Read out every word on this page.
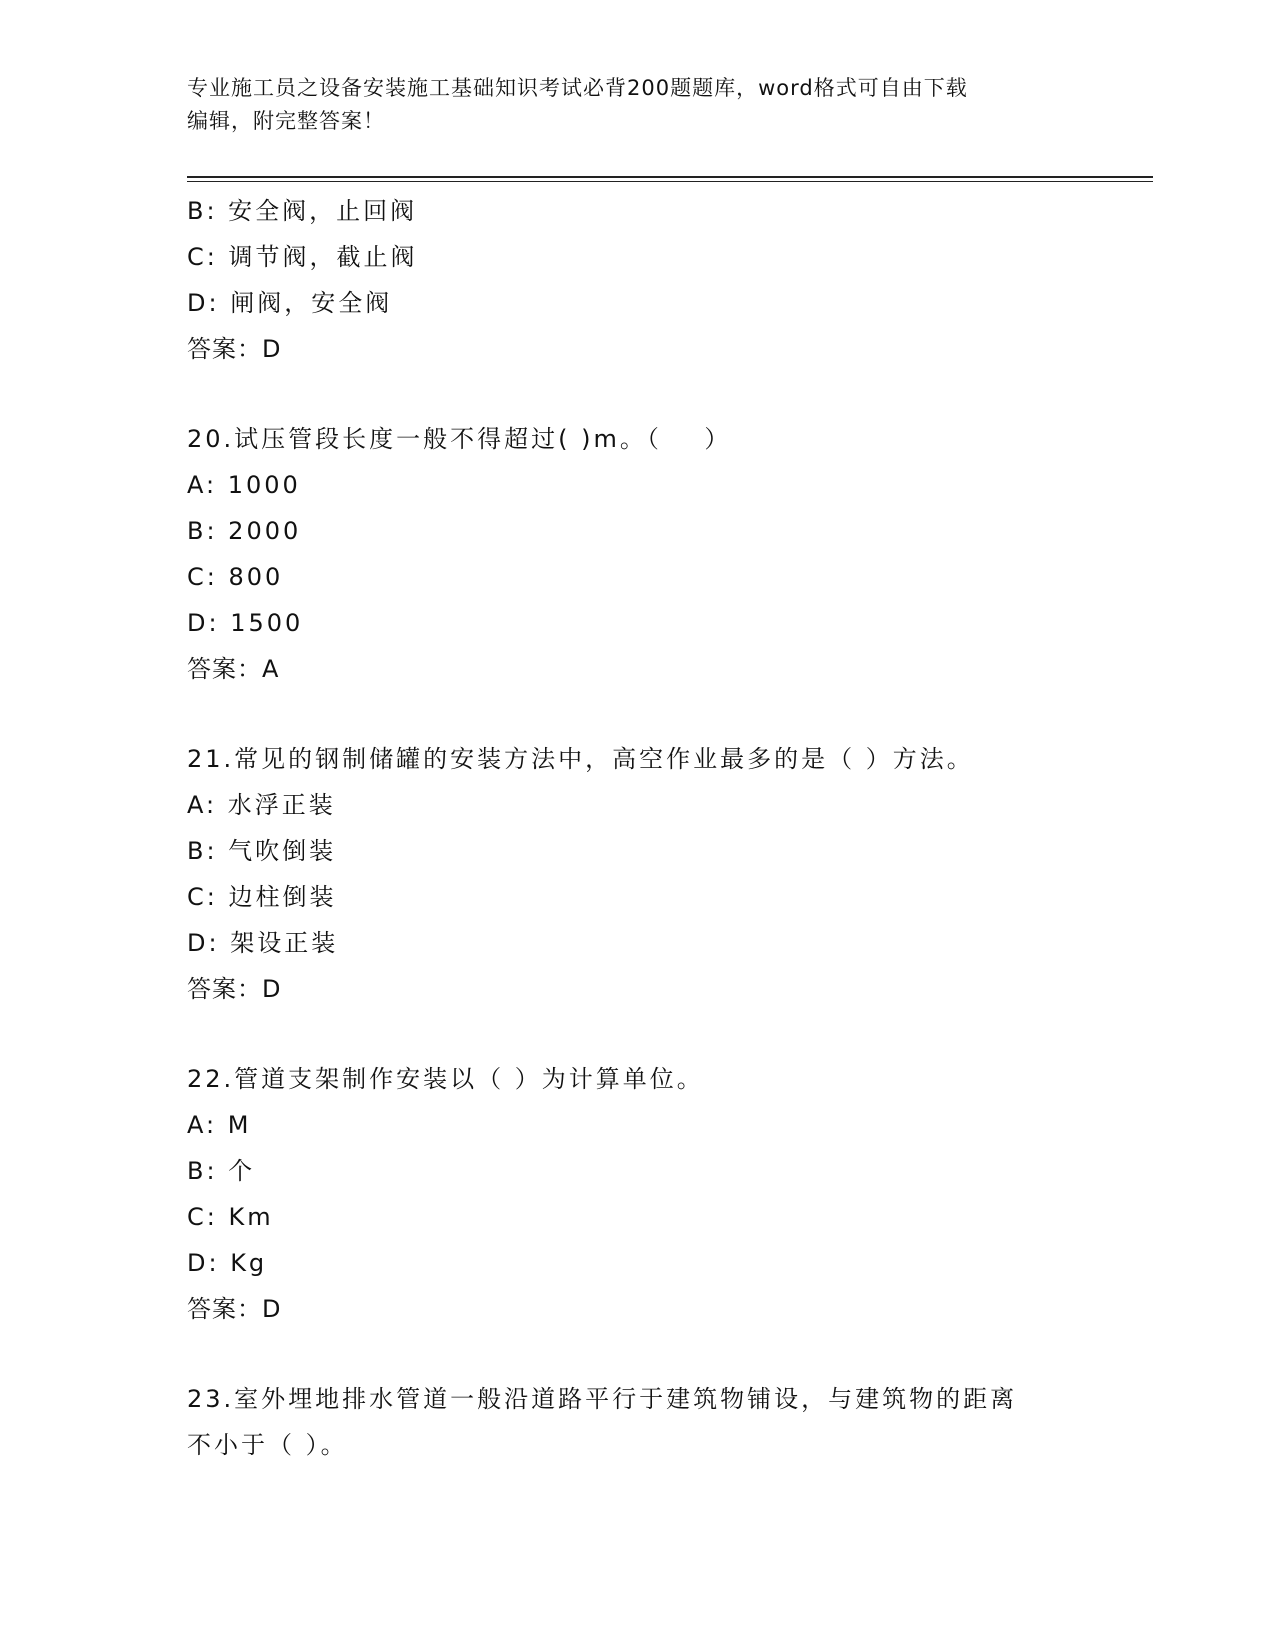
专业施工员之设备安装施工基础知识考试必背200题题库，word格式可自由下载
编辑，附完整答案！
B: 安全阀，止回阀
C: 调节阀，截止阀
D: 闸阀，安全阀
答案：D
20.试压管段长度一般不得超过( )m。（    ）
A: 1000
B: 2000
C: 800
D: 1500
答案：A
21.常见的钢制储罐的安装方法中，高空作业最多的是（ ）方法。
A: 水浮正装
B: 气吹倒装
C: 边柱倒装
D: 架设正装
答案：D
22.管道支架制作安装以（ ）为计算单位。
A: M
B: 个
C: Km
D: Kg
答案：D
23.室外埋地排水管道一般沿道路平行于建筑物铺设，与建筑物的距离
不小于（ ）。
